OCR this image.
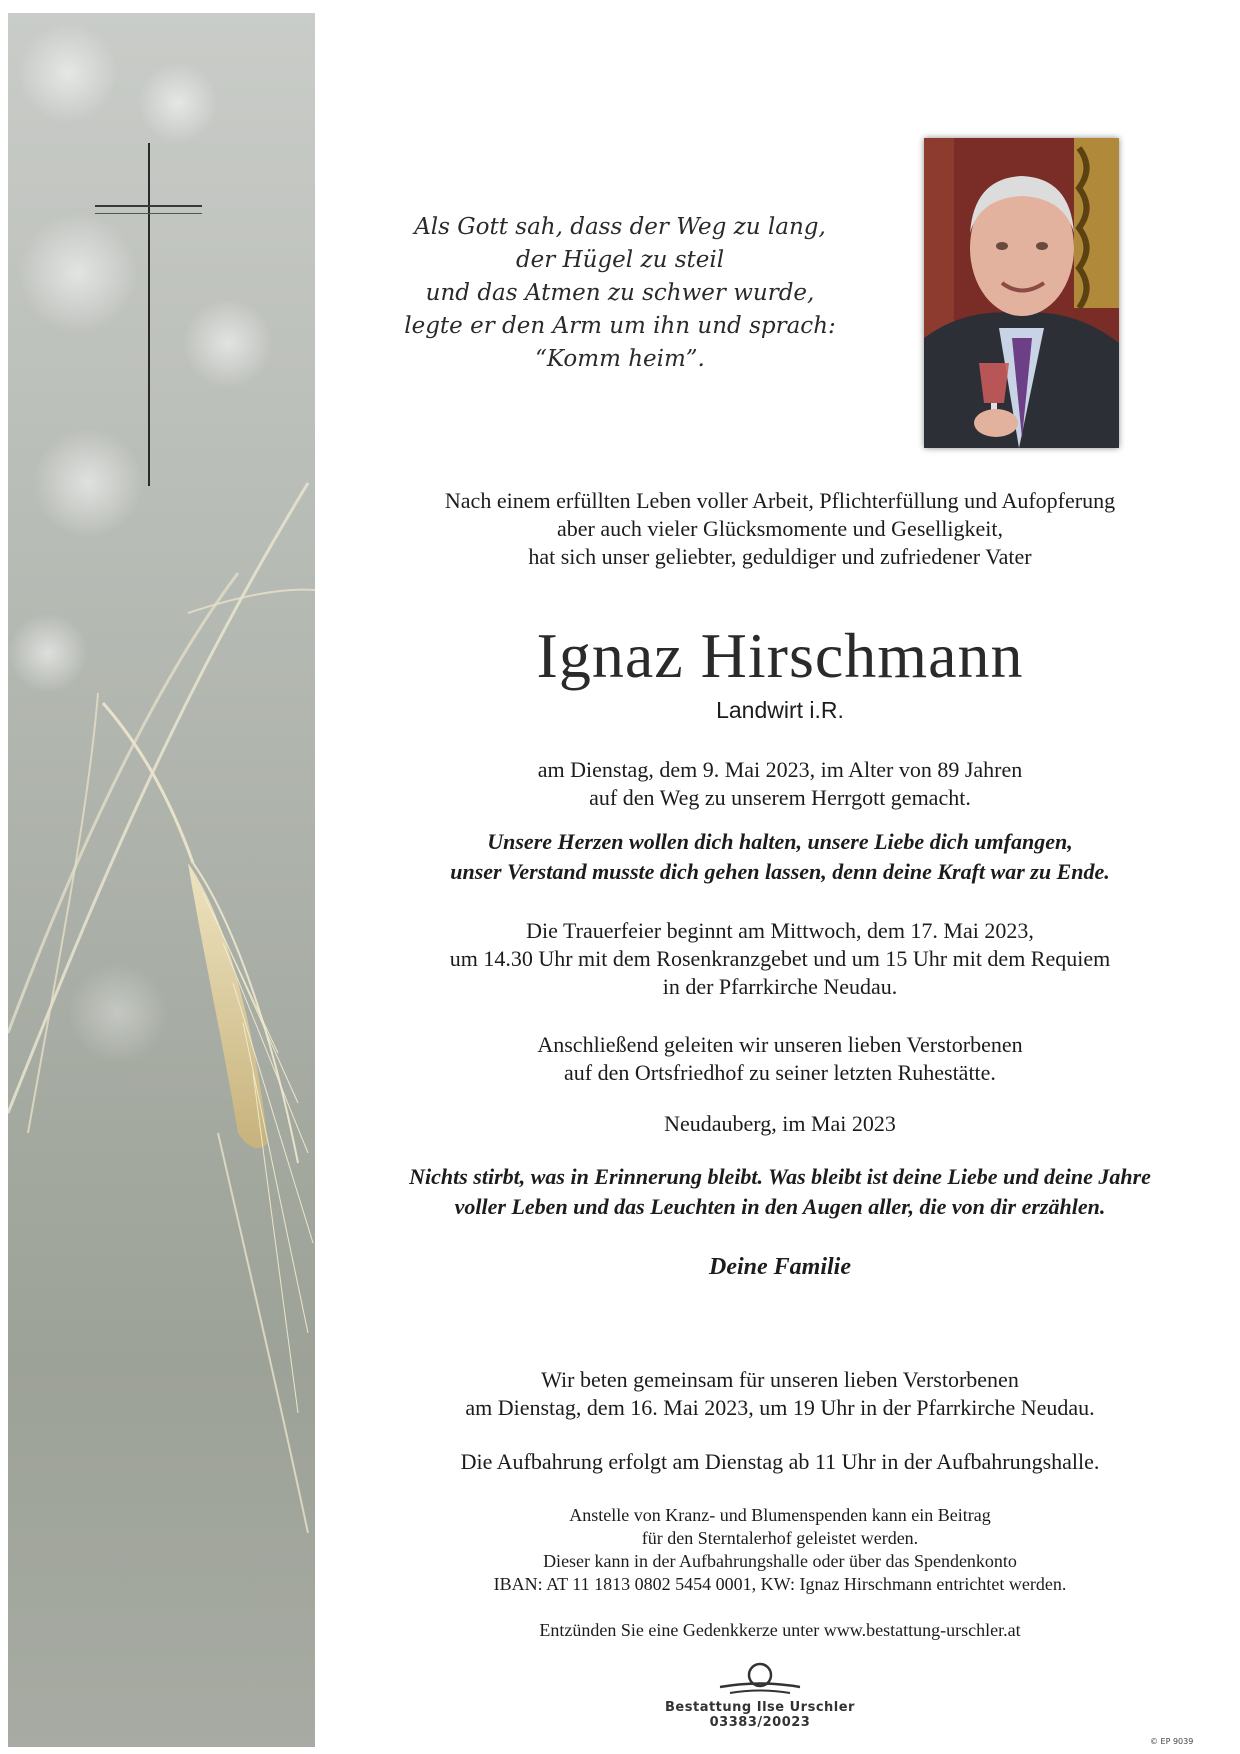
Als Gott sah, dass der Weg zu lang,
der Hügel zu steil
und das Atmen zu schwer wurde,
legte er den Arm um ihn und sprach:
“Komm heim”.
Nach einem erfüllten Leben voller Arbeit, Pflichterfüllung und Aufopferung
aber auch vieler Glücksmomente und Geselligkeit,
hat sich unser geliebter, geduldiger und zufriedener Vater
Ignaz Hirschmann
Landwirt i.R.
am Dienstag, dem 9. Mai 2023, im Alter von 89 Jahren
auf den Weg zu unserem Herrgott gemacht.
Unsere Herzen wollen dich halten, unsere Liebe dich umfangen,
unser Verstand musste dich gehen lassen, denn deine Kraft war zu Ende.
Die Trauerfeier beginnt am Mittwoch, dem 17. Mai 2023,
um 14.30 Uhr mit dem Rosenkranzgebet und um 15 Uhr mit dem Requiem
in der Pfarrkirche Neudau.
Anschließend geleiten wir unseren lieben Verstorbenen
auf den Ortsfriedhof zu seiner letzten Ruhestätte.
Neudauberg, im Mai 2023
Nichts stirbt, was in Erinnerung bleibt. Was bleibt ist deine Liebe und deine Jahre
voller Leben und das Leuchten in den Augen aller, die von dir erzählen.
Deine Familie
Wir beten gemeinsam für unseren lieben Verstorbenen
am Dienstag, dem 16. Mai 2023, um 19 Uhr in der Pfarrkirche Neudau.
Die Aufbahrung erfolgt am Dienstag ab 11 Uhr in der Aufbahrungshalle.
Anstelle von Kranz- und Blumenspenden kann ein Beitrag
für den Sterntalerhof geleistet werden.
Dieser kann in der Aufbahrungshalle oder über das Spendenkonto
IBAN: AT 11 1813 0802 5454 0001, KW: Ignaz Hirschmann entrichtet werden.
Entzünden Sie eine Gedenkkerze unter www.bestattung-urschler.at
Bestattung Ilse Urschler
03383/20023
© EP 9039
